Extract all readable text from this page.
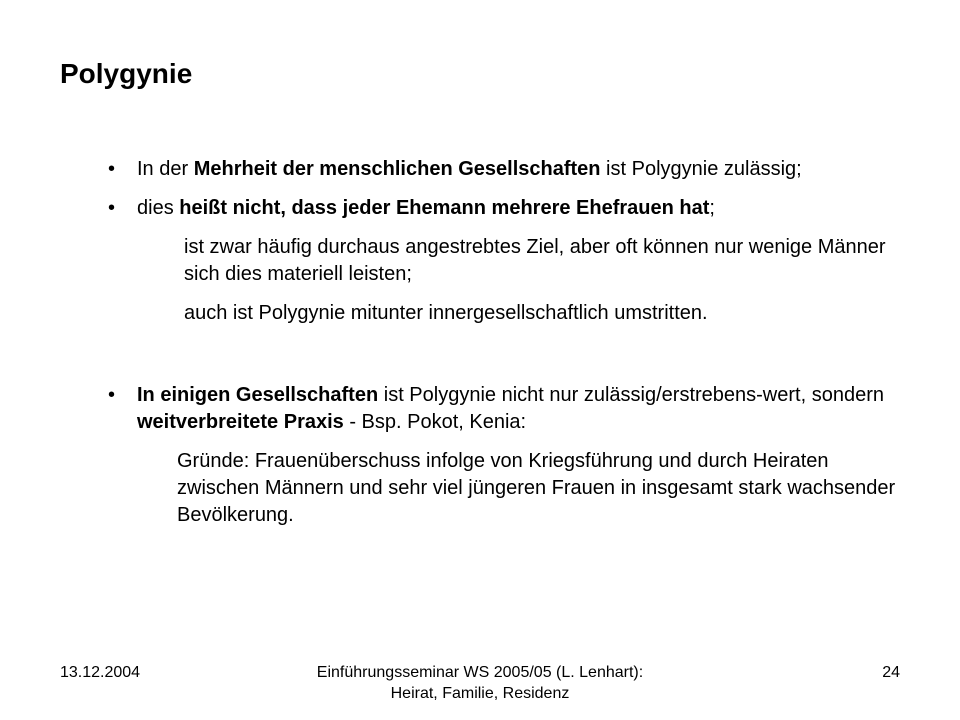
Polygynie
• In der Mehrheit der menschlichen Gesellschaften ist Polygynie zulässig;
• dies heißt nicht, dass jeder Ehemann mehrere Ehefrauen hat;
ist zwar häufig durchaus angestrebtes Ziel, aber oft können nur wenige Männer sich dies materiell leisten;
auch ist Polygynie mitunter innergesellschaftlich umstritten.
• In einigen Gesellschaften ist Polygynie nicht nur zulässig/erstrebens-wert, sondern weitverbreitete Praxis - Bsp. Pokot, Kenia:
Gründe: Frauenüberschuss infolge von Kriegsführung und durch Heiraten zwischen Männern und sehr viel jüngeren Frauen in insgesamt stark wachsender Bevölkerung.
13.12.2004	Einführungsseminar WS 2005/05 (L. Lenhart):
Heirat, Familie, Residenz
24
